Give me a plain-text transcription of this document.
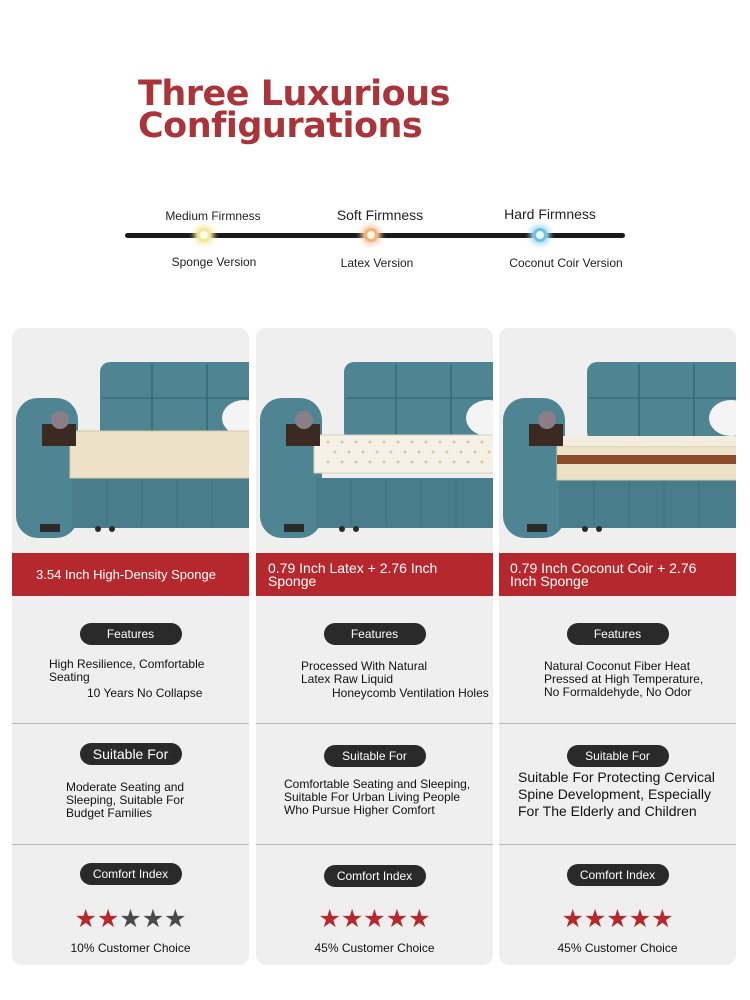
Three Luxurious
Configurations
Medium Firmness	Soft Firmness	Hard Firmness
Sponge Version	Latex Version	Coconut Coir Version
3.54 Inch High-Density Sponge
Features
High Resilience, Comfortable Seating
10 Years No Collapse
Suitable For
Moderate Seating and Sleeping, Suitable For Budget Families
Comfort Index
★★★★★
10% Customer Choice
0.79 Inch Latex + 2.76 Inch Sponge
Features
Processed With Natural Latex Raw Liquid
Honeycomb Ventilation Holes
Suitable For
Comfortable Seating and Sleeping, Suitable For Urban Living People Who Pursue Higher Comfort
Comfort Index
★★★★★
45% Customer Choice
0.79 Inch Coconut Coir + 2.76 Inch Sponge
Features
Natural Coconut Fiber Heat Pressed at High Temperature, No Formaldehyde, No Odor
Suitable For
Suitable For Protecting Cervical Spine Development, Especially For The Elderly and Children
Comfort Index
★★★★★
45% Customer Choice
